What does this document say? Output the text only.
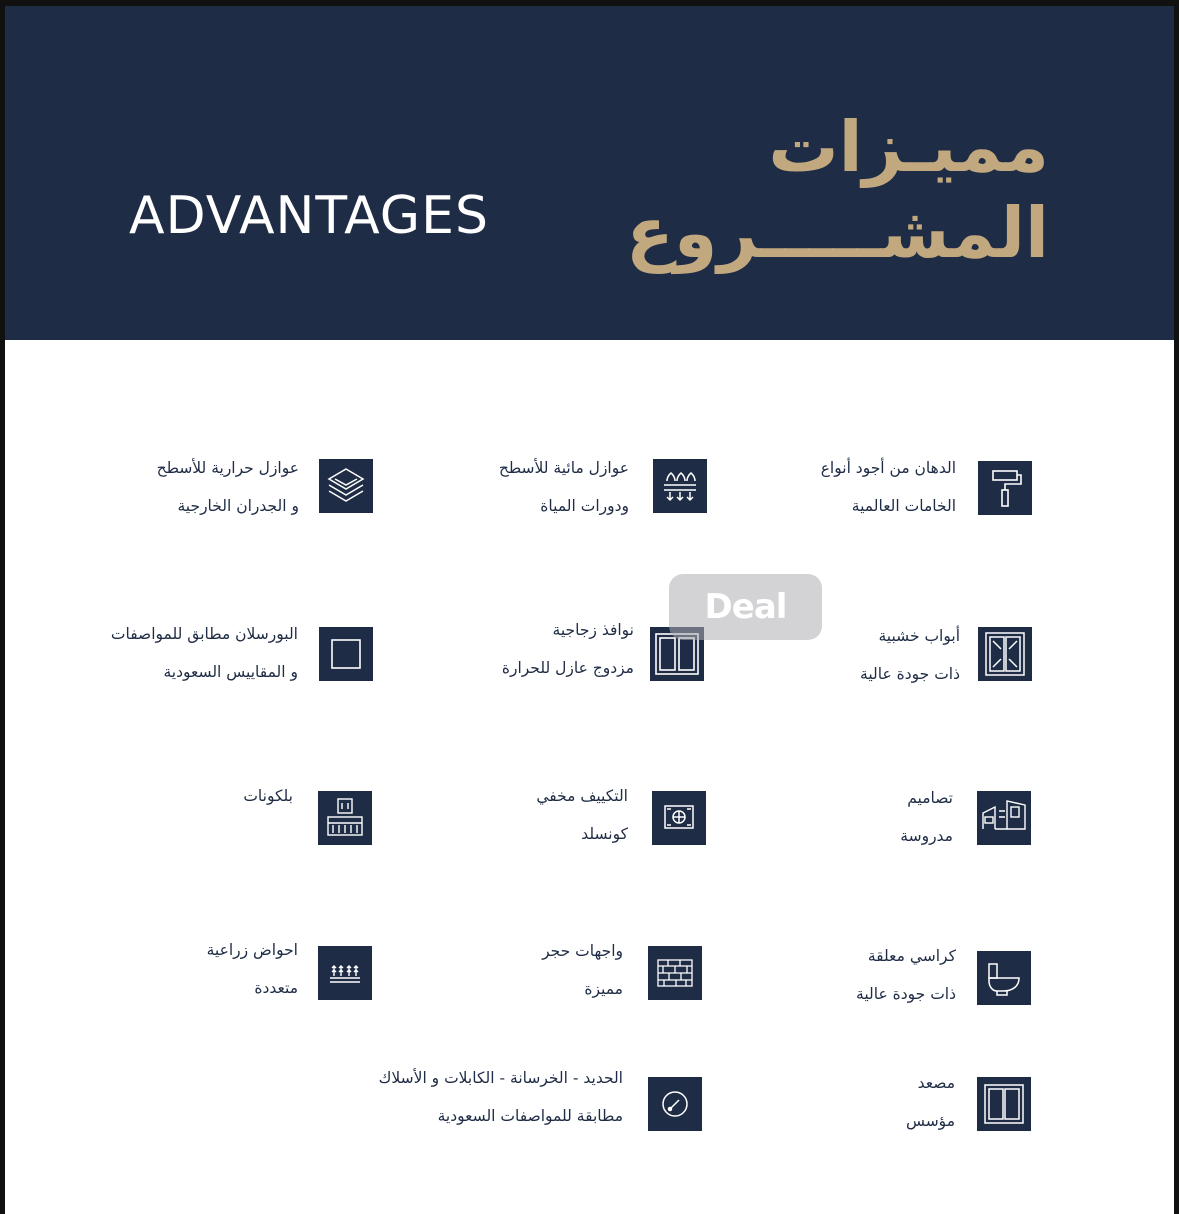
ADVANTAGES
مميـزات
المشـــــروع
الدهان من أجود أنواع
الخامات العالمية
عوازل مائية للأسطح
ودورات المياة
عوازل حرارية للأسطح
و الجدران الخارجية
أبواب خشبية
ذات جودة عالية
نوافذ زجاجية
مزدوج عازل للحرارة
البورسلان مطابق للمواصفات
و المقاييس السعودية
تصاميم
مدروسة
التكييف مخفي
كونسلد
بلكونات
كراسي معلقة
ذات جودة عالية
واجهات حجر
مميزة
احواض زراعية
متعددة
مصعد
مؤسس
الحديد - الخرسانة - الكابلات و الأسلاك
مطابقة للمواصفات السعودية
Deal
